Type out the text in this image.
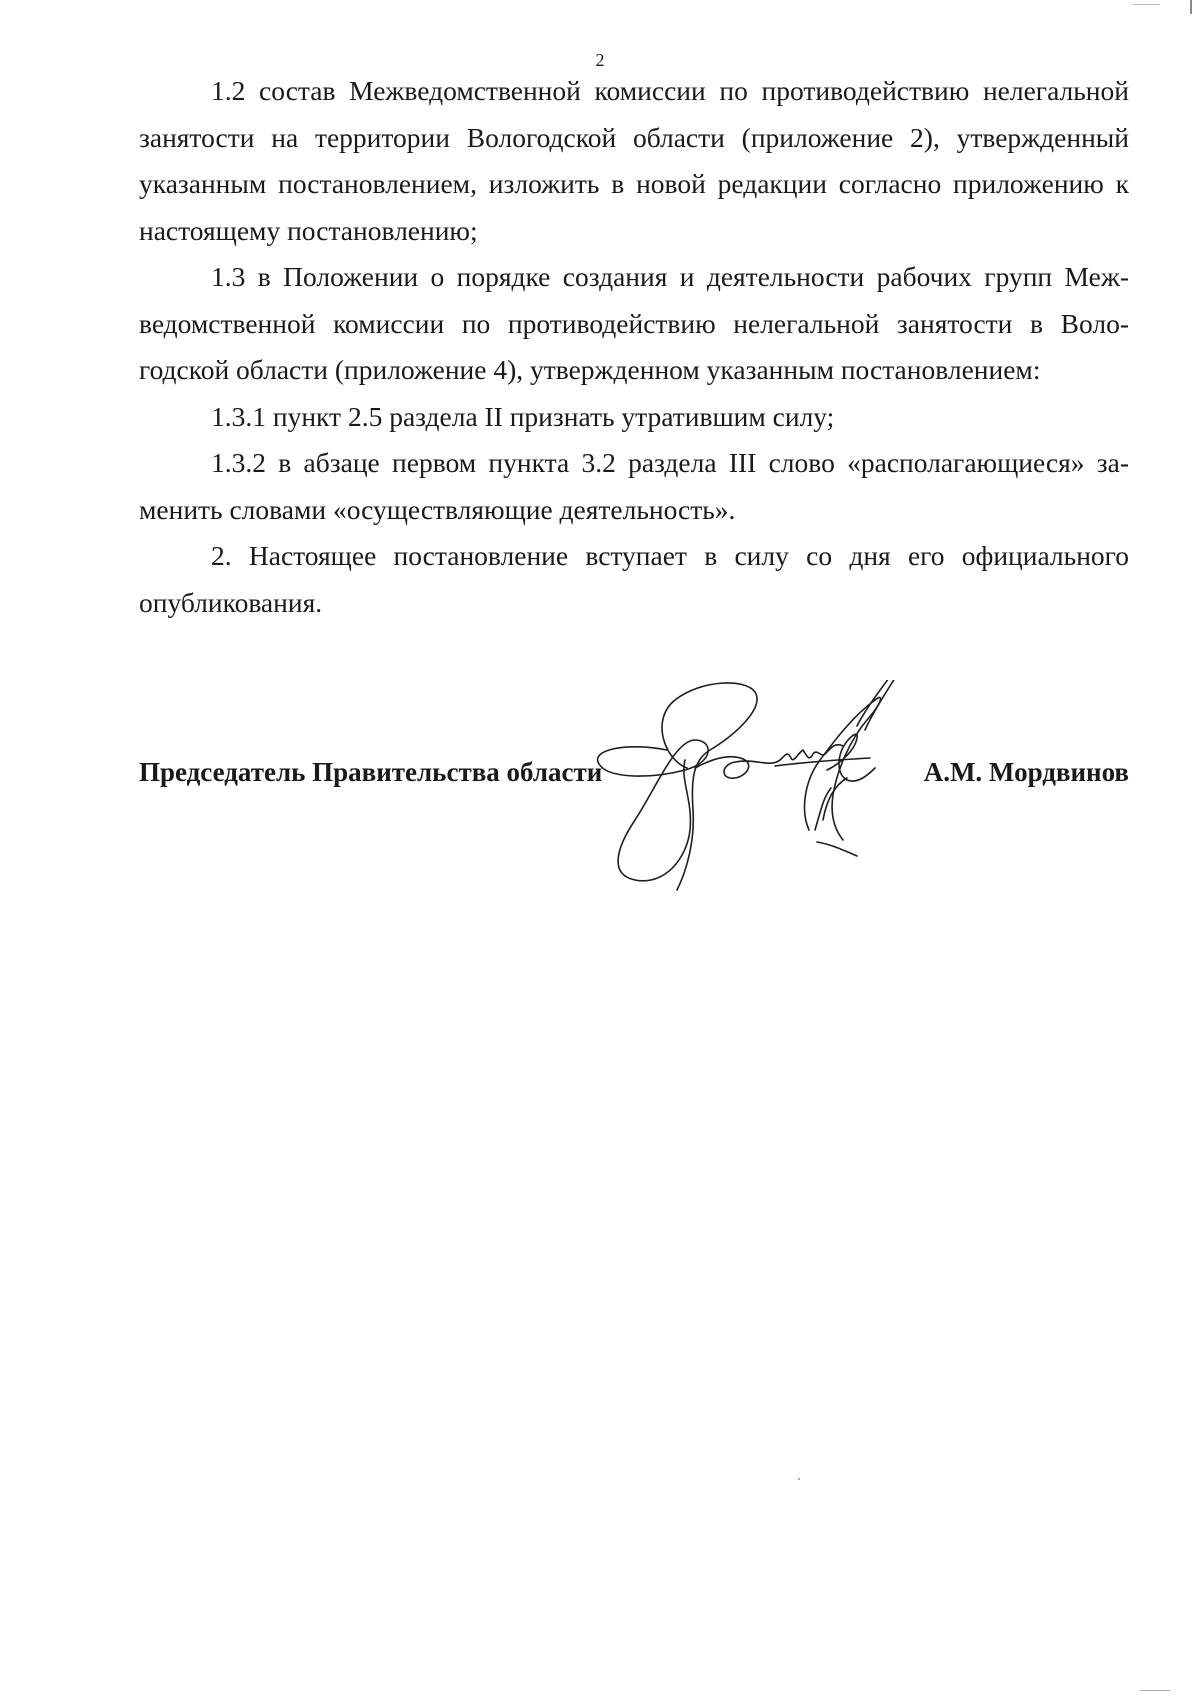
2

1.2 состав Межведомственной комиссии по противодействию нелегальной занятости на территории Вологодской области (приложение 2), утвержденный указанным постановлением, изложить в новой редакции согласно приложению к настоящему постановлению;

1.3 в Положении о порядке создания и деятельности рабочих групп Межведомственной комиссии по противодействию нелегальной занятости в Вологодской области (приложение 4), утвержденном указанным постановлением:

1.3.1 пункт 2.5 раздела II признать утратившим силу;

1.3.2 в абзаце первом пункта 3.2 раздела III слово «располагающиеся» заменить словами «осуществляющие деятельность».

2. Настоящее постановление вступает в силу со дня его официального опубликования.

Председатель Правительства области	А.М. Мордвинов
